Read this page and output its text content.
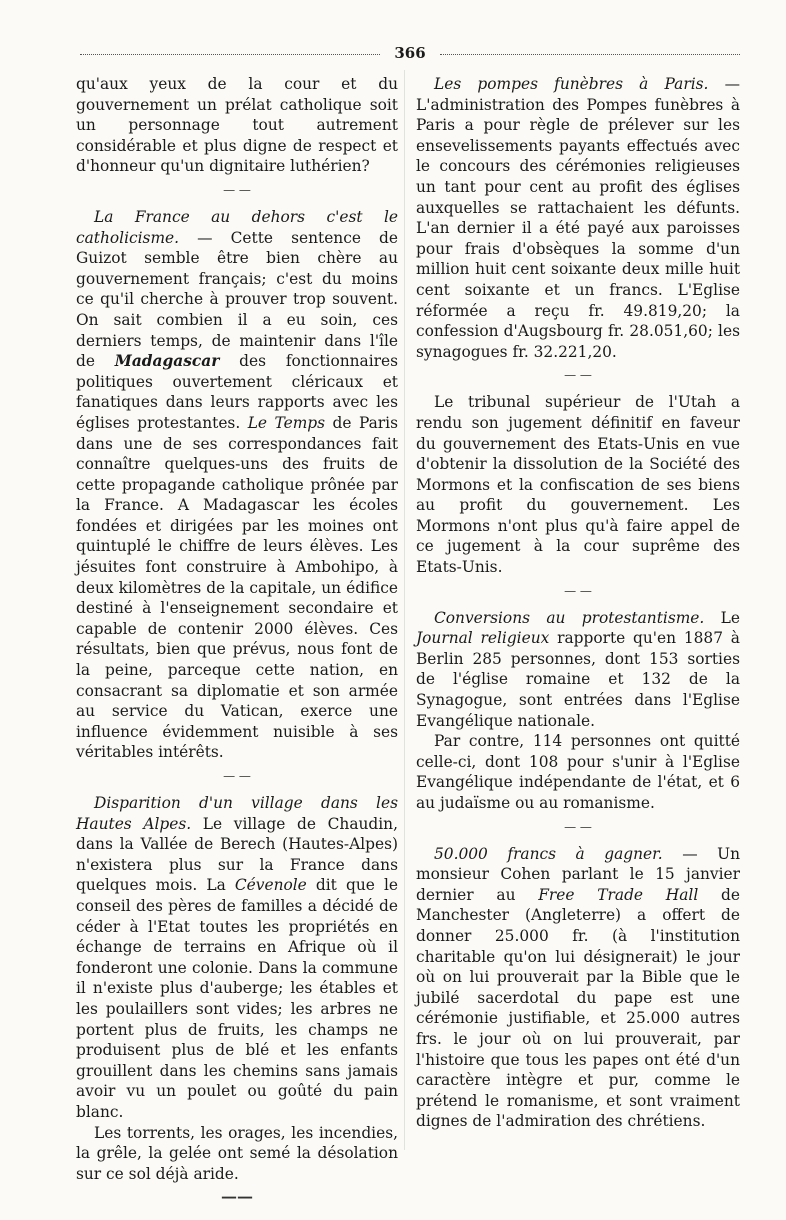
366

qu'aux yeux de la cour et du gouvernement un prélat catholique soit un personnage tout autrement considérable et plus digne de respect et d'honneur qu'un dignitaire luthérien?

— —

La France au dehors c'est le catholicisme. — Cette sentence de Guizot semble être bien chère au gouvernement français; c'est du moins ce qu'il cherche à prouver trop souvent. On sait combien il a eu soin, ces derniers temps, de maintenir dans l'île de Madagascar des fonctionnaires politiques ouvertement cléricaux et fanatiques dans leurs rapports avec les églises protestantes. Le Temps de Paris dans une de ses correspondances fait connaître quelques-uns des fruits de cette propagande catholique prônée par la France. A Madagascar les écoles fondées et dirigées par les moines ont quintuplé le chiffre de leurs élèves. Les jésuites font construire à Ambohipo, à deux kilomètres de la capitale, un édifice destiné à l'enseignement secondaire et capable de contenir 2000 élèves. Ces résultats, bien que prévus, nous font de la peine, parceque cette nation, en consacrant sa diplomatie et son armée au service du Vatican, exerce une influence évidemment nuisible à ses véritables intérêts.

— —

Disparition d'un village dans les Hautes Alpes. Le village de Chaudin, dans la Vallée de Berech (Hautes-Alpes) n'existera plus sur la France dans quelques mois. La Cévenole dit que le conseil des pères de familles a décidé de céder à l'Etat toutes les propriétés en échange de terrains en Afrique où il fonderont une colonie. Dans la commune il n'existe plus d'auberge; les étables et les poulaillers sont vides; les arbres ne portent plus de fruits, les champs ne produisent plus de blé et les enfants grouillent dans les chemins sans jamais avoir vu un poulet ou goûté du pain blanc.

Les torrents, les orages, les incendies, la grêle, la gelée ont semé la désolation sur ce sol déjà aride.

——

Les pompes funèbres à Paris. — L'administration des Pompes funèbres à Paris a pour règle de prélever sur les ensevelissements payants effectués avec le concours des cérémonies religieuses un tant pour cent au profit des églises auxquelles se rattachaient les défunts. L'an dernier il a été payé aux paroisses pour frais d'obsèques la somme d'un million huit cent soixante deux mille huit cent soixante et un francs. L'Eglise réformée a reçu fr. 49.819,20; la confession d'Augsbourg fr. 28.051,60; les synagogues fr. 32.221,20.

— —

Le tribunal supérieur de l'Utah a rendu son jugement définitif en faveur du gouvernement des Etats-Unis en vue d'obtenir la dissolution de la Société des Mormons et la confiscation de ses biens au profit du gouvernement. Les Mormons n'ont plus qu'à faire appel de ce jugement à la cour suprême des Etats-Unis.

— —

Conversions au protestantisme. Le Journal religieux rapporte qu'en 1887 à Berlin 285 personnes, dont 153 sorties de l'église romaine et 132 de la Synagogue, sont entrées dans l'Eglise Evangélique nationale.

Par contre, 114 personnes ont quitté celle-ci, dont 108 pour s'unir à l'Eglise Evangélique indépendante de l'état, et 6 au judaïsme ou au romanisme.

— —

50.000 francs à gagner. — Un monsieur Cohen parlant le 15 janvier dernier au Free Trade Hall de Manchester (Angleterre) a offert de donner 25.000 fr. (à l'institution charitable qu'on lui désignerait) le jour où on lui prouverait par la Bible que le jubilé sacerdotal du pape est une cérémonie justifiable, et 25.000 autres frs. le jour où on lui prouverait, par l'histoire que tous les papes ont été d'un caractère intègre et pur, comme le prétend le romanisme, et sont vraiment dignes de l'admiration des chrétiens.
